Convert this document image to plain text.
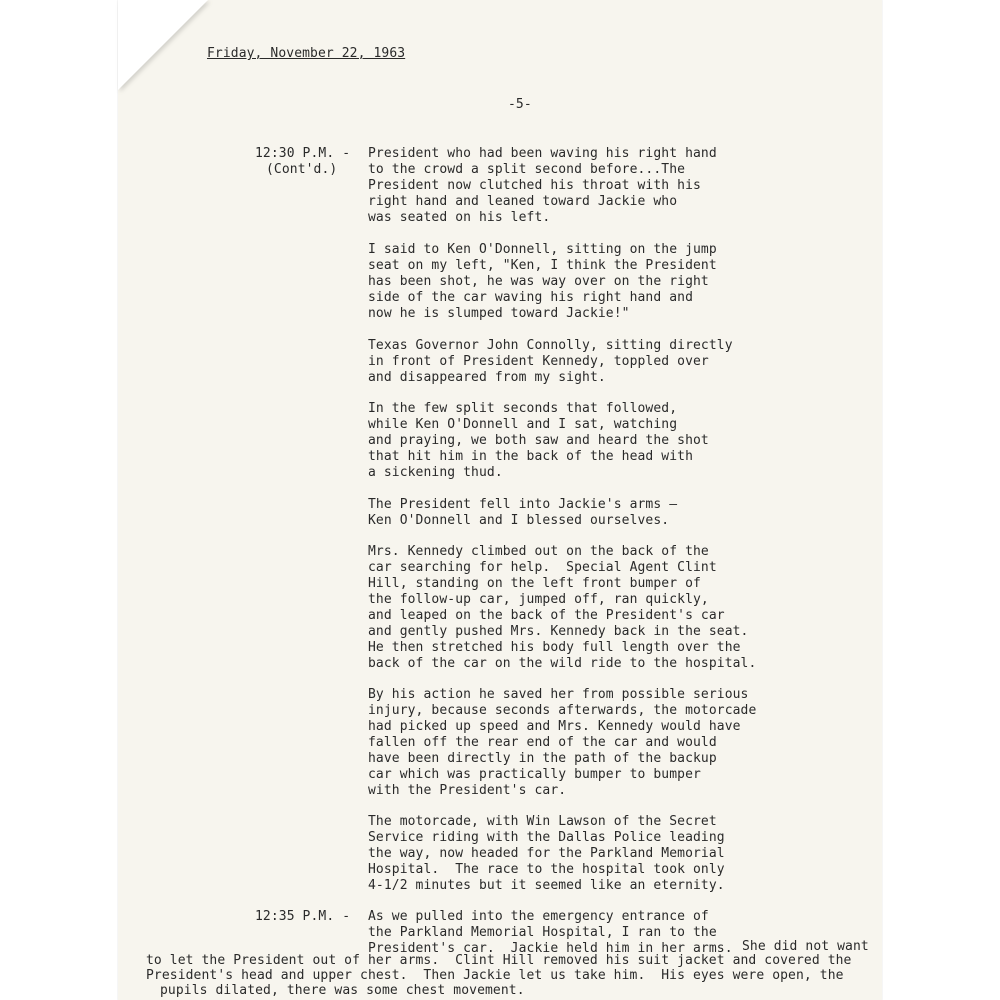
Friday, November 22, 1963
-5-
12:30 P.M. -
(Cont'd.)
President who had been waving his right hand
to the crowd a split second before...The
President now clutched his throat with his
right hand and leaned toward Jackie who
was seated on his left.
I said to Ken O'Donnell, sitting on the jump
seat on my left, "Ken, I think the President
has been shot, he was way over on the right
side of the car waving his right hand and
now he is slumped toward Jackie!"
Texas Governor John Connolly, sitting directly
in front of President Kennedy, toppled over
and disappeared from my sight.
In the few split seconds that followed,
while Ken O'Donnell and I sat, watching
and praying, we both saw and heard the shot
that hit him in the back of the head with
a sickening thud.
The President fell into Jackie's arms —
Ken O'Donnell and I blessed ourselves.
Mrs. Kennedy climbed out on the back of the
car searching for help.  Special Agent Clint
Hill, standing on the left front bumper of
the follow-up car, jumped off, ran quickly,
and leaped on the back of the President's car
and gently pushed Mrs. Kennedy back in the seat.
He then stretched his body full length over the
back of the car on the wild ride to the hospital.
By his action he saved her from possible serious
injury, because seconds afterwards, the motorcade
had picked up speed and Mrs. Kennedy would have
fallen off the rear end of the car and would
have been directly in the path of the backup
car which was practically bumper to bumper
with the President's car.
The motorcade, with Win Lawson of the Secret
Service riding with the Dallas Police leading
the way, now headed for the Parkland Memorial
Hospital.  The race to the hospital took only
4-1/2 minutes but it seemed like an eternity.
12:35 P.M. - As we pulled into the emergency entrance of
the Parkland Memorial Hospital, I ran to the
President's car.  Jackie held him in her arms. She did not want
to let the President out of her arms.  Clint Hill removed his suit jacket and covered the
President's head and upper chest.  Then Jackie let us take him.  His eyes were open, the
pupils dilated, there was some chest movement.
